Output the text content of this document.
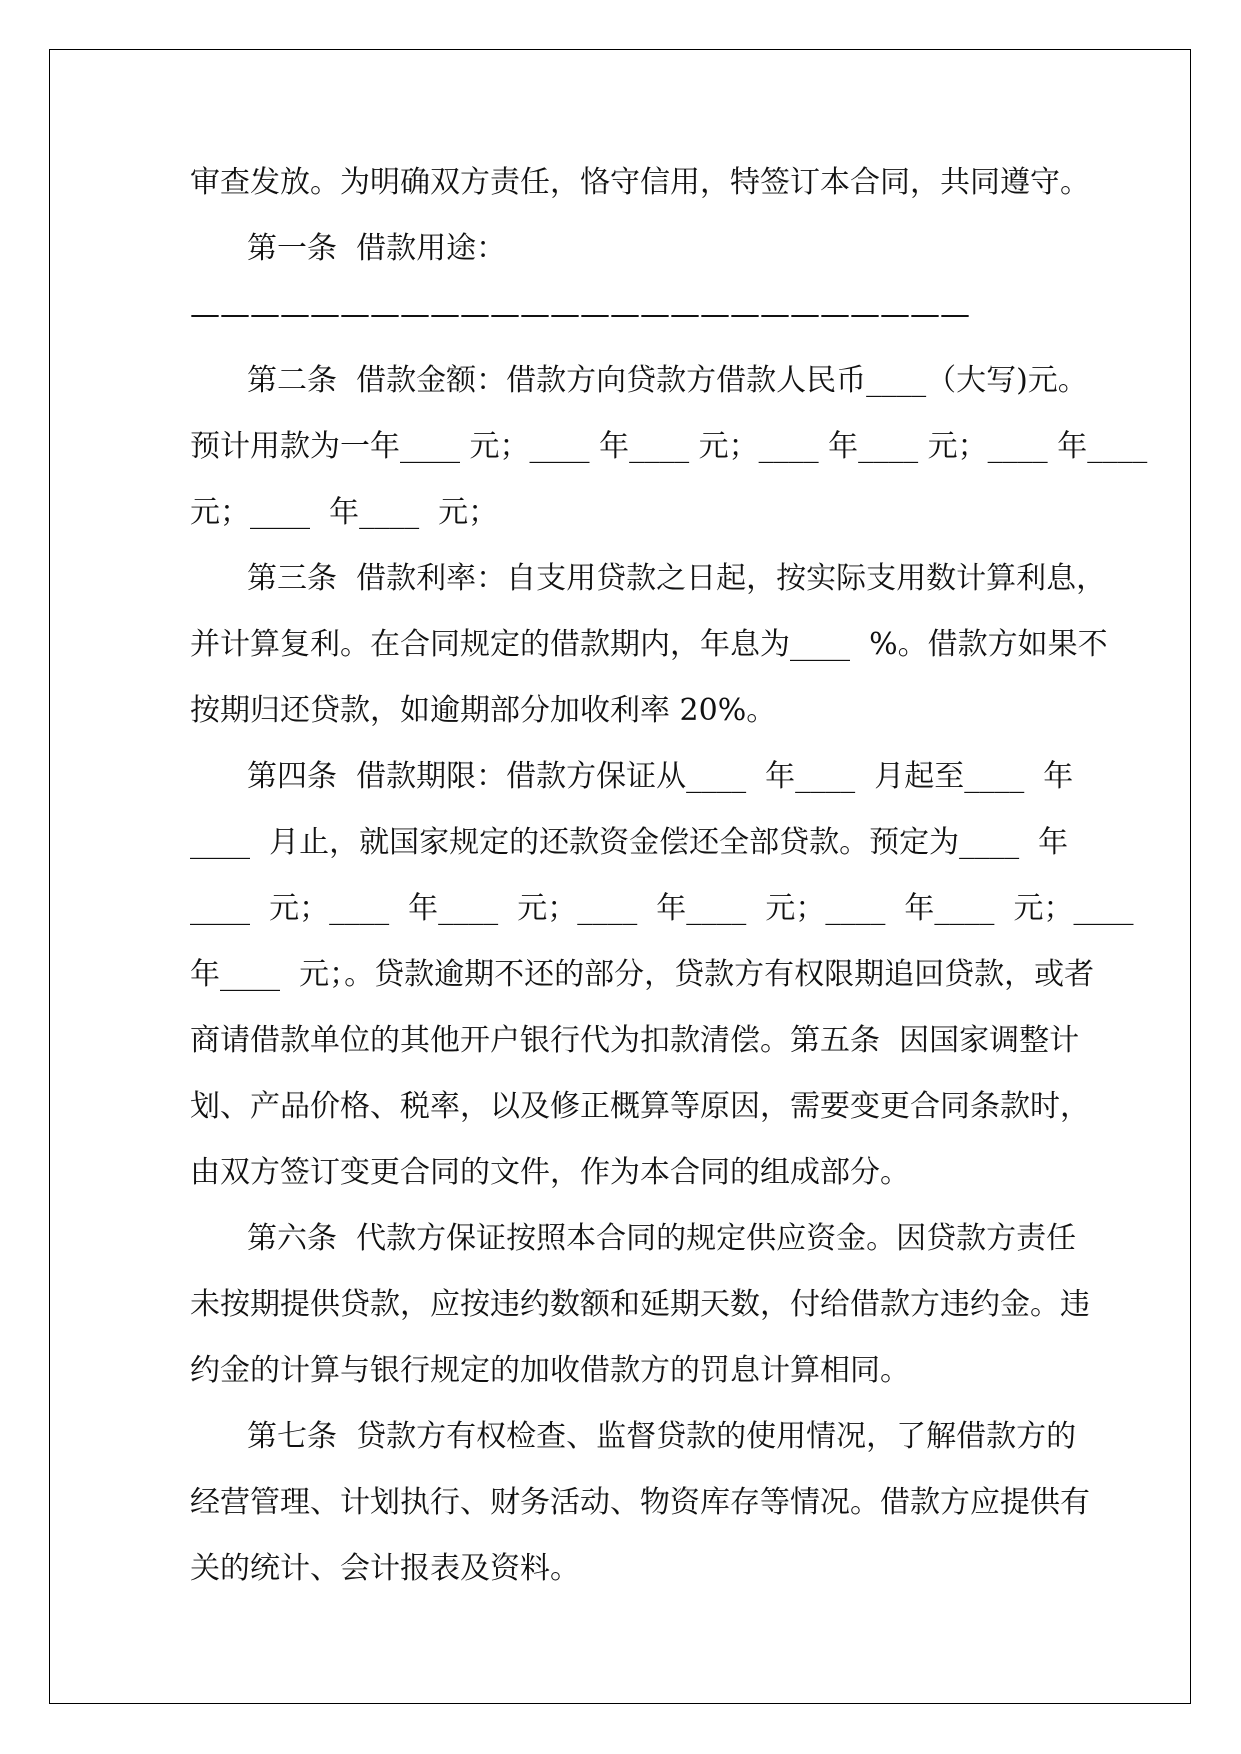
审查发放。为明确双方责任，恪守信用，特签订本合同，共同遵守。
第一条  借款用途：
——————————————————————————
第二条  借款金额：借款方向贷款方借款人民币____（大写)元。
预计用款为一年____ 元；____ 年____ 元；____ 年____ 元；____ 年____
元；____  年____  元；
第三条  借款利率：自支用贷款之日起，按实际支用数计算利息，
并计算复利。在合同规定的借款期内，年息为____  %。借款方如果不
按期归还贷款，如逾期部分加收利率 20%。
第四条  借款期限：借款方保证从____  年____  月起至____  年
____  月止，就国家规定的还款资金偿还全部贷款。预定为____  年
____  元；____  年____  元；____  年____  元；____  年____  元；____
年____  元；。贷款逾期不还的部分，贷款方有权限期追回贷款，或者
商请借款单位的其他开户银行代为扣款清偿。第五条  因国家调整计
划、产品价格、税率，以及修正概算等原因，需要变更合同条款时，
由双方签订变更合同的文件，作为本合同的组成部分。
第六条  代款方保证按照本合同的规定供应资金。因贷款方责任
未按期提供贷款，应按违约数额和延期天数，付给借款方违约金。违
约金的计算与银行规定的加收借款方的罚息计算相同。
第七条  贷款方有权检查、监督贷款的使用情况，了解借款方的
经营管理、计划执行、财务活动、物资库存等情况。借款方应提供有
关的统计、会计报表及资料。
